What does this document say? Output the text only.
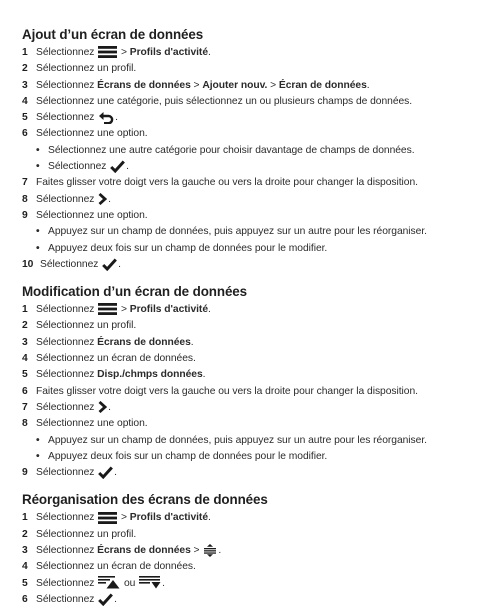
Ajout d’un écran de données
1 Sélectionnez
> Profils d'activité.
2 Sélectionnez un profil.
3 Sélectionnez Écrans de données > Ajouter nouv. > Écran de données.
4 Sélectionnez une catégorie, puis sélectionnez un ou plusieurs champs de données.
5 Sélectionnez
.
6 Sélectionnez une option.
• Sélectionnez une autre catégorie pour choisir davantage de champs de données.
• Sélectionnez
.
7 Faites glisser votre doigt vers la gauche ou vers la droite pour changer la disposition.
8 Sélectionnez
.
9 Sélectionnez une option.
• Appuyez sur un champ de données, puis appuyez sur un autre pour les réorganiser.
• Appuyez deux fois sur un champ de données pour le modifier.
10 Sélectionnez
.
Modification d’un écran de données
1 Sélectionnez
> Profils d'activité.
2 Sélectionnez un profil.
3 Sélectionnez Écrans de données.
4 Sélectionnez un écran de données.
5 Sélectionnez Disp./chmps données.
6 Faites glisser votre doigt vers la gauche ou vers la droite pour changer la disposition.
7 Sélectionnez
.
8 Sélectionnez une option.
• Appuyez sur un champ de données, puis appuyez sur un autre pour les réorganiser.
• Appuyez deux fois sur un champ de données pour le modifier.
9 Sélectionnez
.
Réorganisation des écrans de données
1 Sélectionnez
> Profils d'activité.
2 Sélectionnez un profil.
3 Sélectionnez Écrans de données >
.
4 Sélectionnez un écran de données.
5 Sélectionnez
ou
.
6 Sélectionnez
.
